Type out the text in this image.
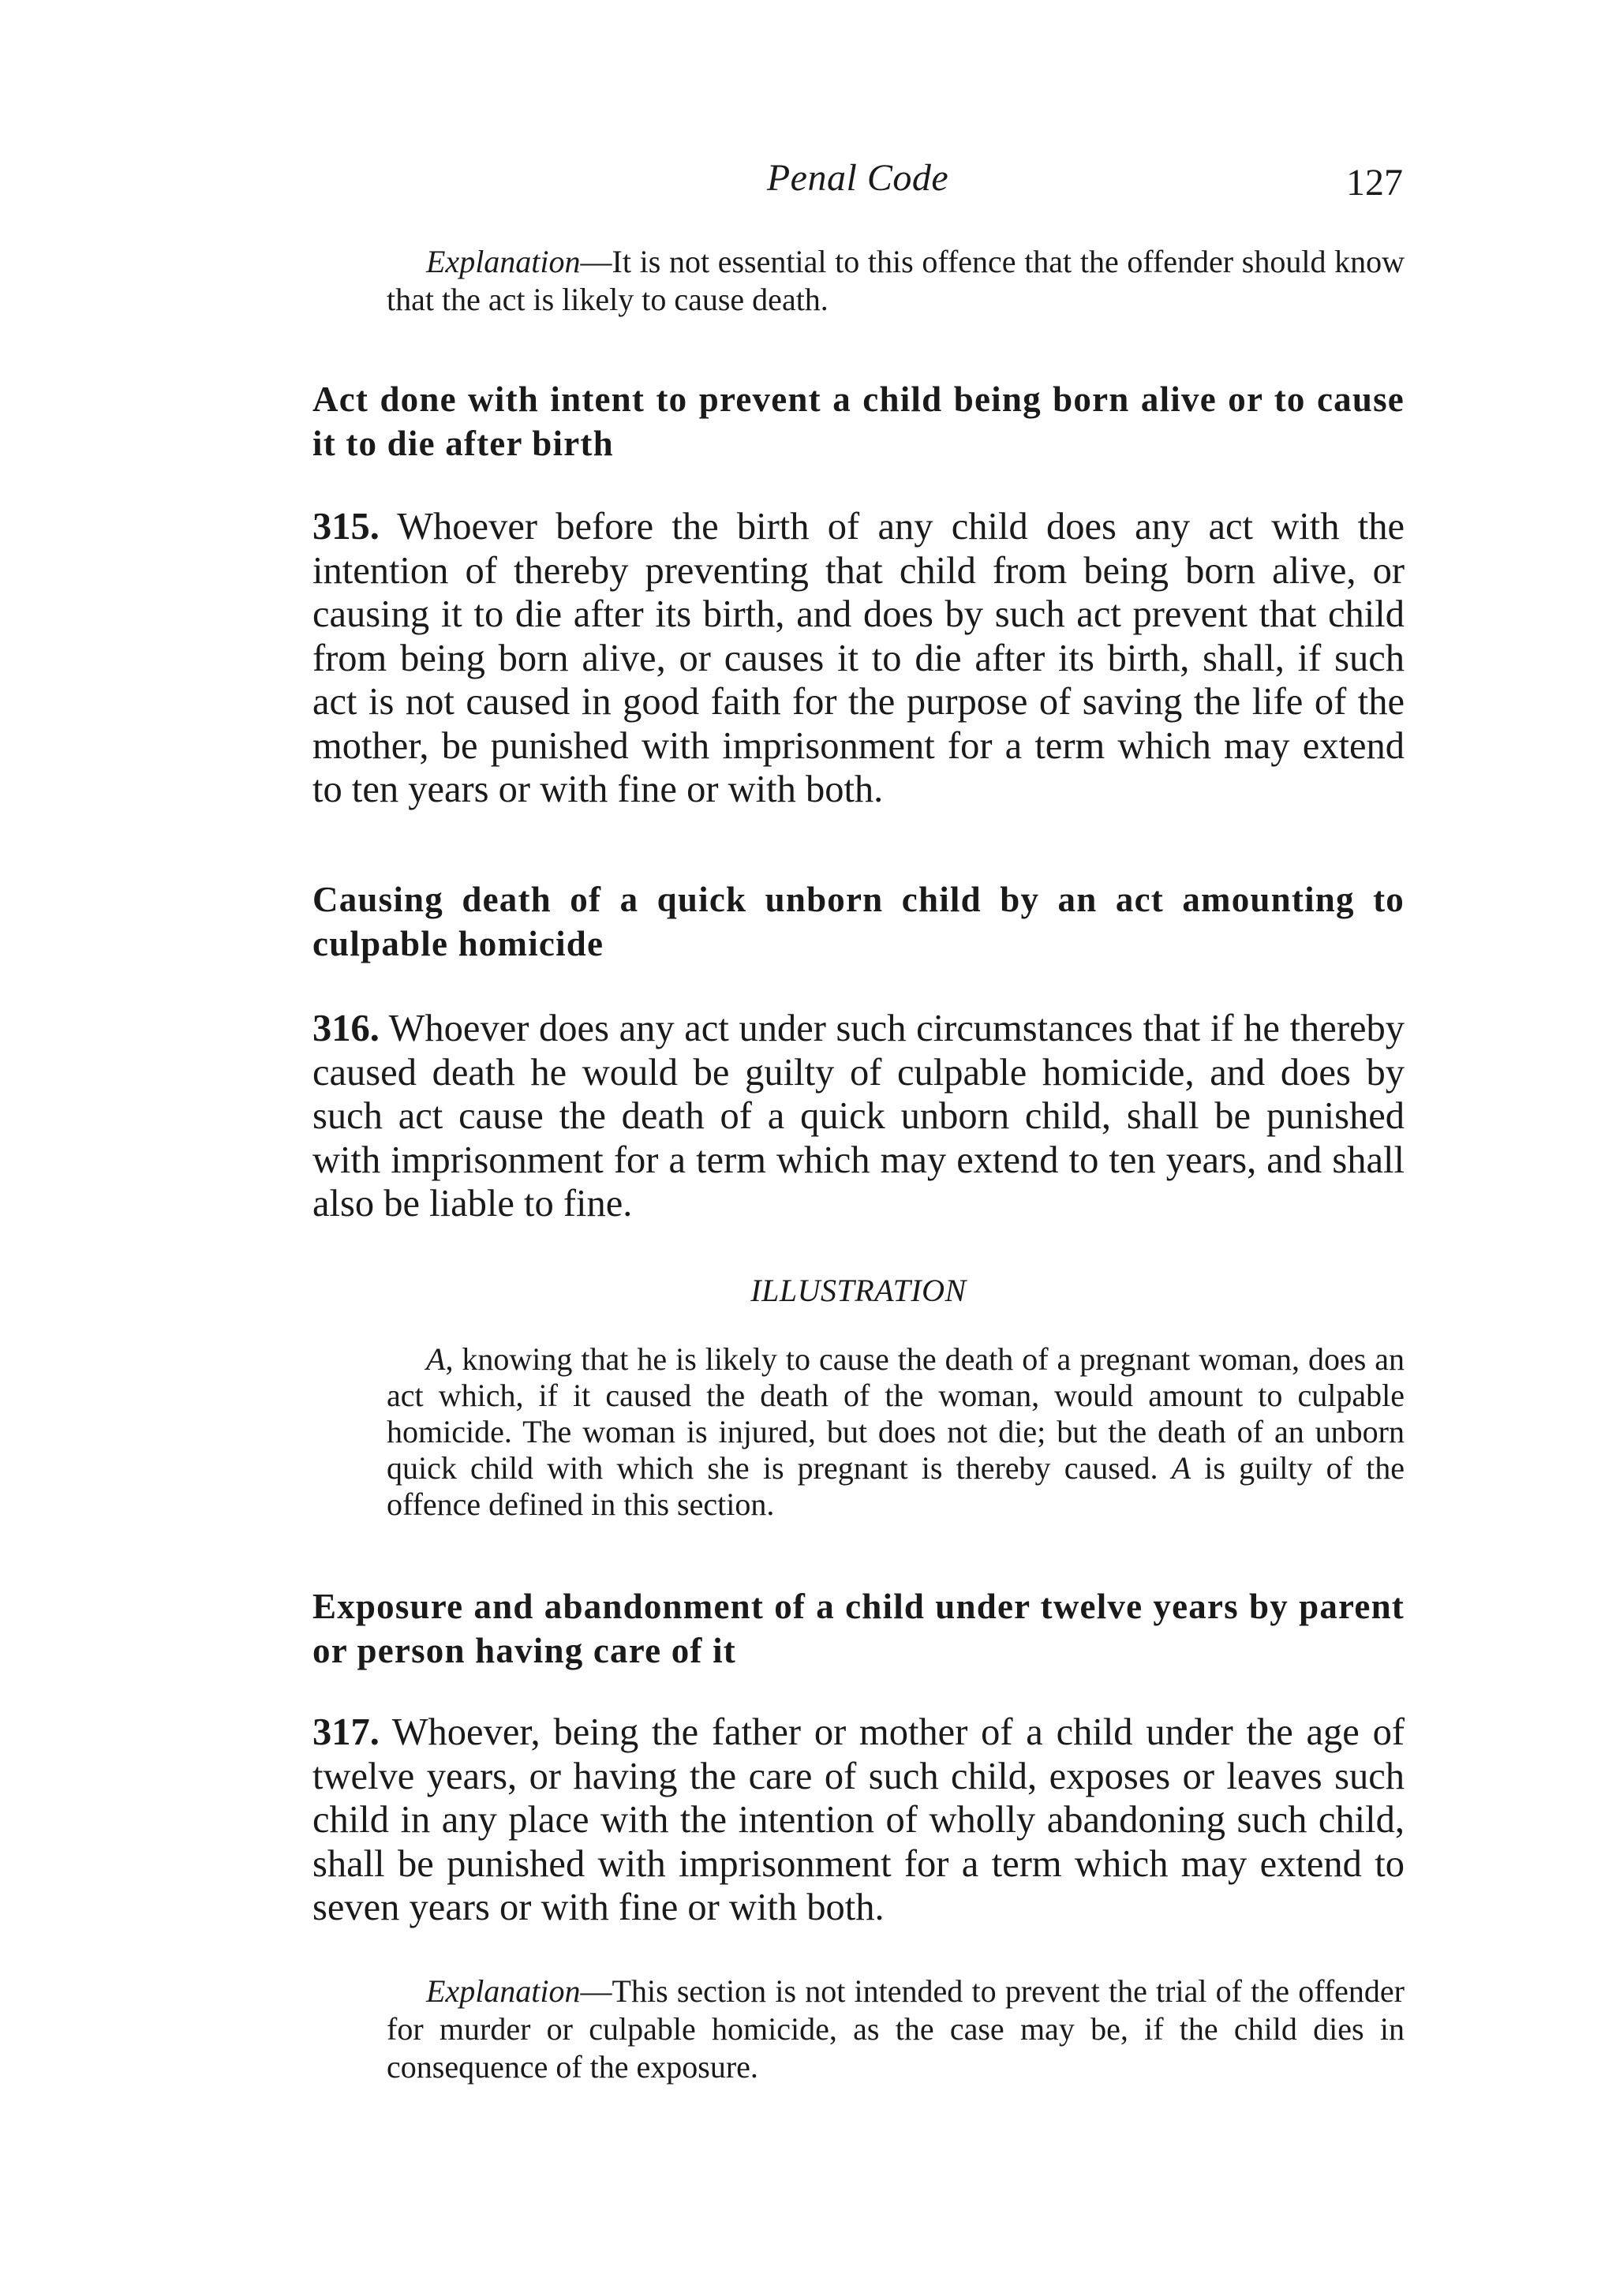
Penal Code	127

Explanation—It is not essential to this offence that the offender should know that the act is likely to cause death.

Act done with intent to prevent a child being born alive or to cause it to die after birth

315. Whoever before the birth of any child does any act with the intention of thereby preventing that child from being born alive, or causing it to die after its birth, and does by such act prevent that child from being born alive, or causes it to die after its birth, shall, if such act is not caused in good faith for the purpose of saving the life of the mother, be punished with imprisonment for a term which may extend to ten years or with fine or with both.

Causing death of a quick unborn child by an act amounting to culpable homicide

316. Whoever does any act under such circumstances that if he thereby caused death he would be guilty of culpable homicide, and does by such act cause the death of a quick unborn child, shall be punished with imprisonment for a term which may extend to ten years, and shall also be liable to fine.

ILLUSTRATION

A, knowing that he is likely to cause the death of a pregnant woman, does an act which, if it caused the death of the woman, would amount to culpable homicide. The woman is injured, but does not die; but the death of an unborn quick child with which she is pregnant is thereby caused. A is guilty of the offence defined in this section.

Exposure and abandonment of a child under twelve years by parent or person having care of it

317. Whoever, being the father or mother of a child under the age of twelve years, or having the care of such child, exposes or leaves such child in any place with the intention of wholly abandoning such child, shall be punished with imprisonment for a term which may extend to seven years or with fine or with both.

Explanation—This section is not intended to prevent the trial of the offender for murder or culpable homicide, as the case may be, if the child dies in consequence of the exposure.
